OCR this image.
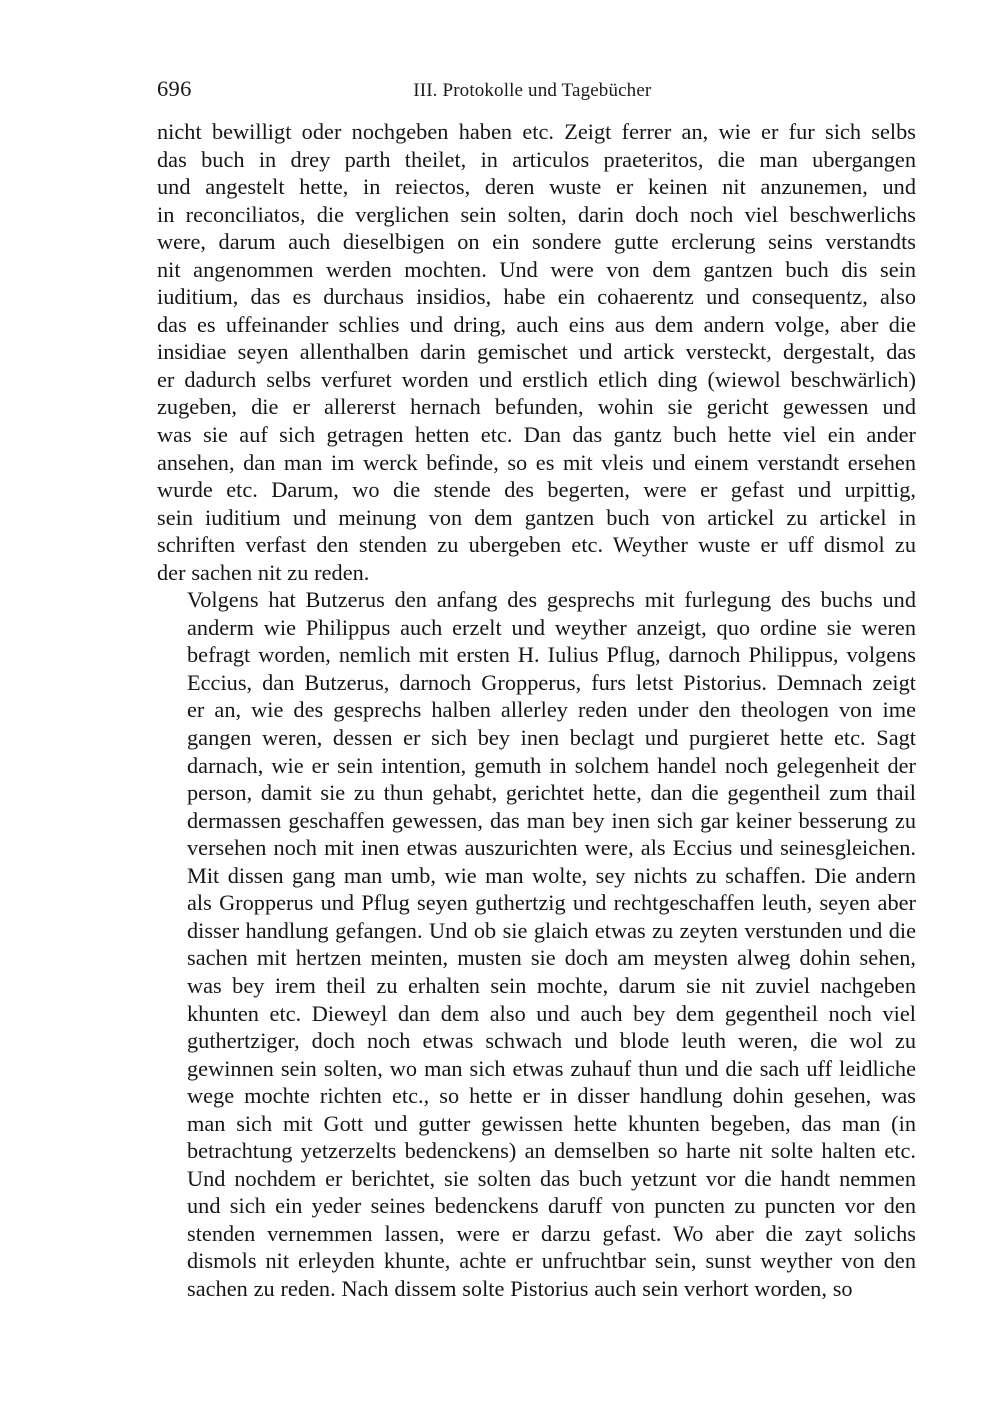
696	III. Protokolle und Tagebücher

nicht bewilligt oder nochgeben haben etc. Zeigt ferrer an, wie er fur sich selbs
das buch in drey parth theilet, in articulos praeteritos, die man ubergangen
und angestelt hette, in reiectos, deren wuste er keinen nit anzunemen, und
in reconciliatos, die verglichen sein solten, darin doch noch viel beschwerlichs
were, darum auch dieselbigen on ein sondere gutte erclerung seins verstandts
nit angenommen werden mochten. Und were von dem gantzen buch dis sein
iuditium, das es durchaus insidios, habe ein cohaerentz und consequentz, also
das es uffeinander schlies und dring, auch eins aus dem andern volge, aber die
insidiae seyen allenthalben darin gemischet und artick versteckt, dergestalt, das
er dadurch selbs verfuret worden und erstlich etlich ding (wiewol beschwärlich)
zugeben, die er allererst hernach befunden, wohin sie gericht gewessen und
was sie auf sich getragen hetten etc. Dan das gantz buch hette viel ein ander
ansehen, dan man im werck befinde, so es mit vleis und einem verstandt ersehen
wurde etc. Darum, wo die stende des begerten, were er gefast und urpittig,
sein iuditium und meinung von dem gantzen buch von artickel zu artickel in
schriften verfast den stenden zu ubergeben etc. Weyther wuste er uff dismol zu
der sachen nit zu reden.

Volgens hat Butzerus den anfang des gesprechs mit furlegung des buchs und
anderm wie Philippus auch erzelt und weyther anzeigt, quo ordine sie weren
befragt worden, nemlich mit ersten H. Iulius Pflug, darnoch Philippus, volgens
Eccius, dan Butzerus, darnoch Gropperus, furs letst Pistorius. Demnach zeigt
er an, wie des gesprechs halben allerley reden under den theologen von ime
gangen weren, dessen er sich bey inen beclagt und purgieret hette etc. Sagt
darnach, wie er sein intention, gemuth in solchem handel noch gelegenheit der
person, damit sie zu thun gehabt, gerichtet hette, dan die gegentheil zum thail
dermassen geschaffen gewessen, das man bey inen sich gar keiner besserung zu
versehen noch mit inen etwas auszurichten were, als Eccius und seinesgleichen.
Mit dissen gang man umb, wie man wolte, sey nichts zu schaffen. Die andern
als Gropperus und Pflug seyen guthertzig und rechtgeschaffen leuth, seyen aber
disser handlung gefangen. Und ob sie glaich etwas zu zeyten verstunden und die
sachen mit hertzen meinten, musten sie doch am meysten alweg dohin sehen,
was bey irem theil zu erhalten sein mochte, darum sie nit zuviel nachgeben
khunten etc. Dieweyl dan dem also und auch bey dem gegentheil noch viel
guthertziger, doch noch etwas schwach und blode leuth weren, die wol zu
gewinnen sein solten, wo man sich etwas zuhauf thun und die sach uff leidliche
wege mochte richten etc., so hette er in disser handlung dohin gesehen, was
man sich mit Gott und gutter gewissen hette khunten begeben, das man (in
betrachtung yetzerzelts bedenckens) an demselben so harte nit solte halten etc.
Und nochdem er berichtet, sie solten das buch yetzunt vor die handt nemmen
und sich ein yeder seines bedenckens daruff von puncten zu puncten vor den
stenden vernemmen lassen, were er darzu gefast. Wo aber die zayt solichs
dismols nit erleyden khunte, achte er unfruchtbar sein, sunst weyther von den
sachen zu reden. Nach dissem solte Pistorius auch sein verhort worden, so
